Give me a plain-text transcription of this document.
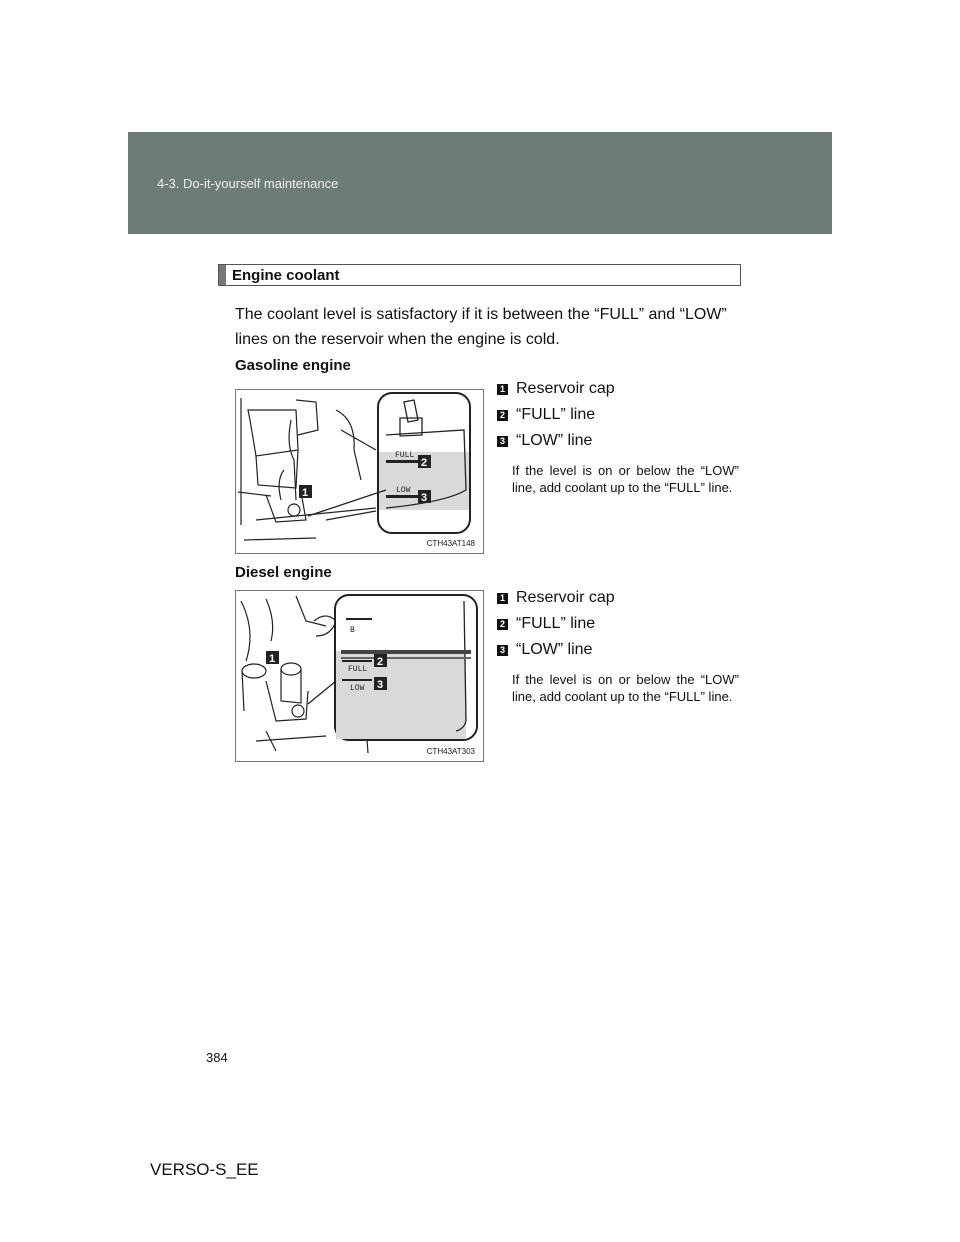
4-3. Do-it-yourself maintenance
Engine coolant

The coolant level is satisfactory if it is between the “FULL” and “LOW” lines on the reservoir when the engine is cold.

Gasoline engine
FULL
LOW
1
2
3
CTH43AT148
1 Reservoir cap
2 “FULL” line
3 “LOW” line
If the level is on or below the “LOW” line, add coolant up to the “FULL” line.
Diesel engine
B
FULL
LOW
1	2
3
CTH43AT303
1 Reservoir cap
2 “FULL” line
3 “LOW” line
If the level is on or below the “LOW” line, add coolant up to the “FULL” line.
384
VERSO-S_EE
